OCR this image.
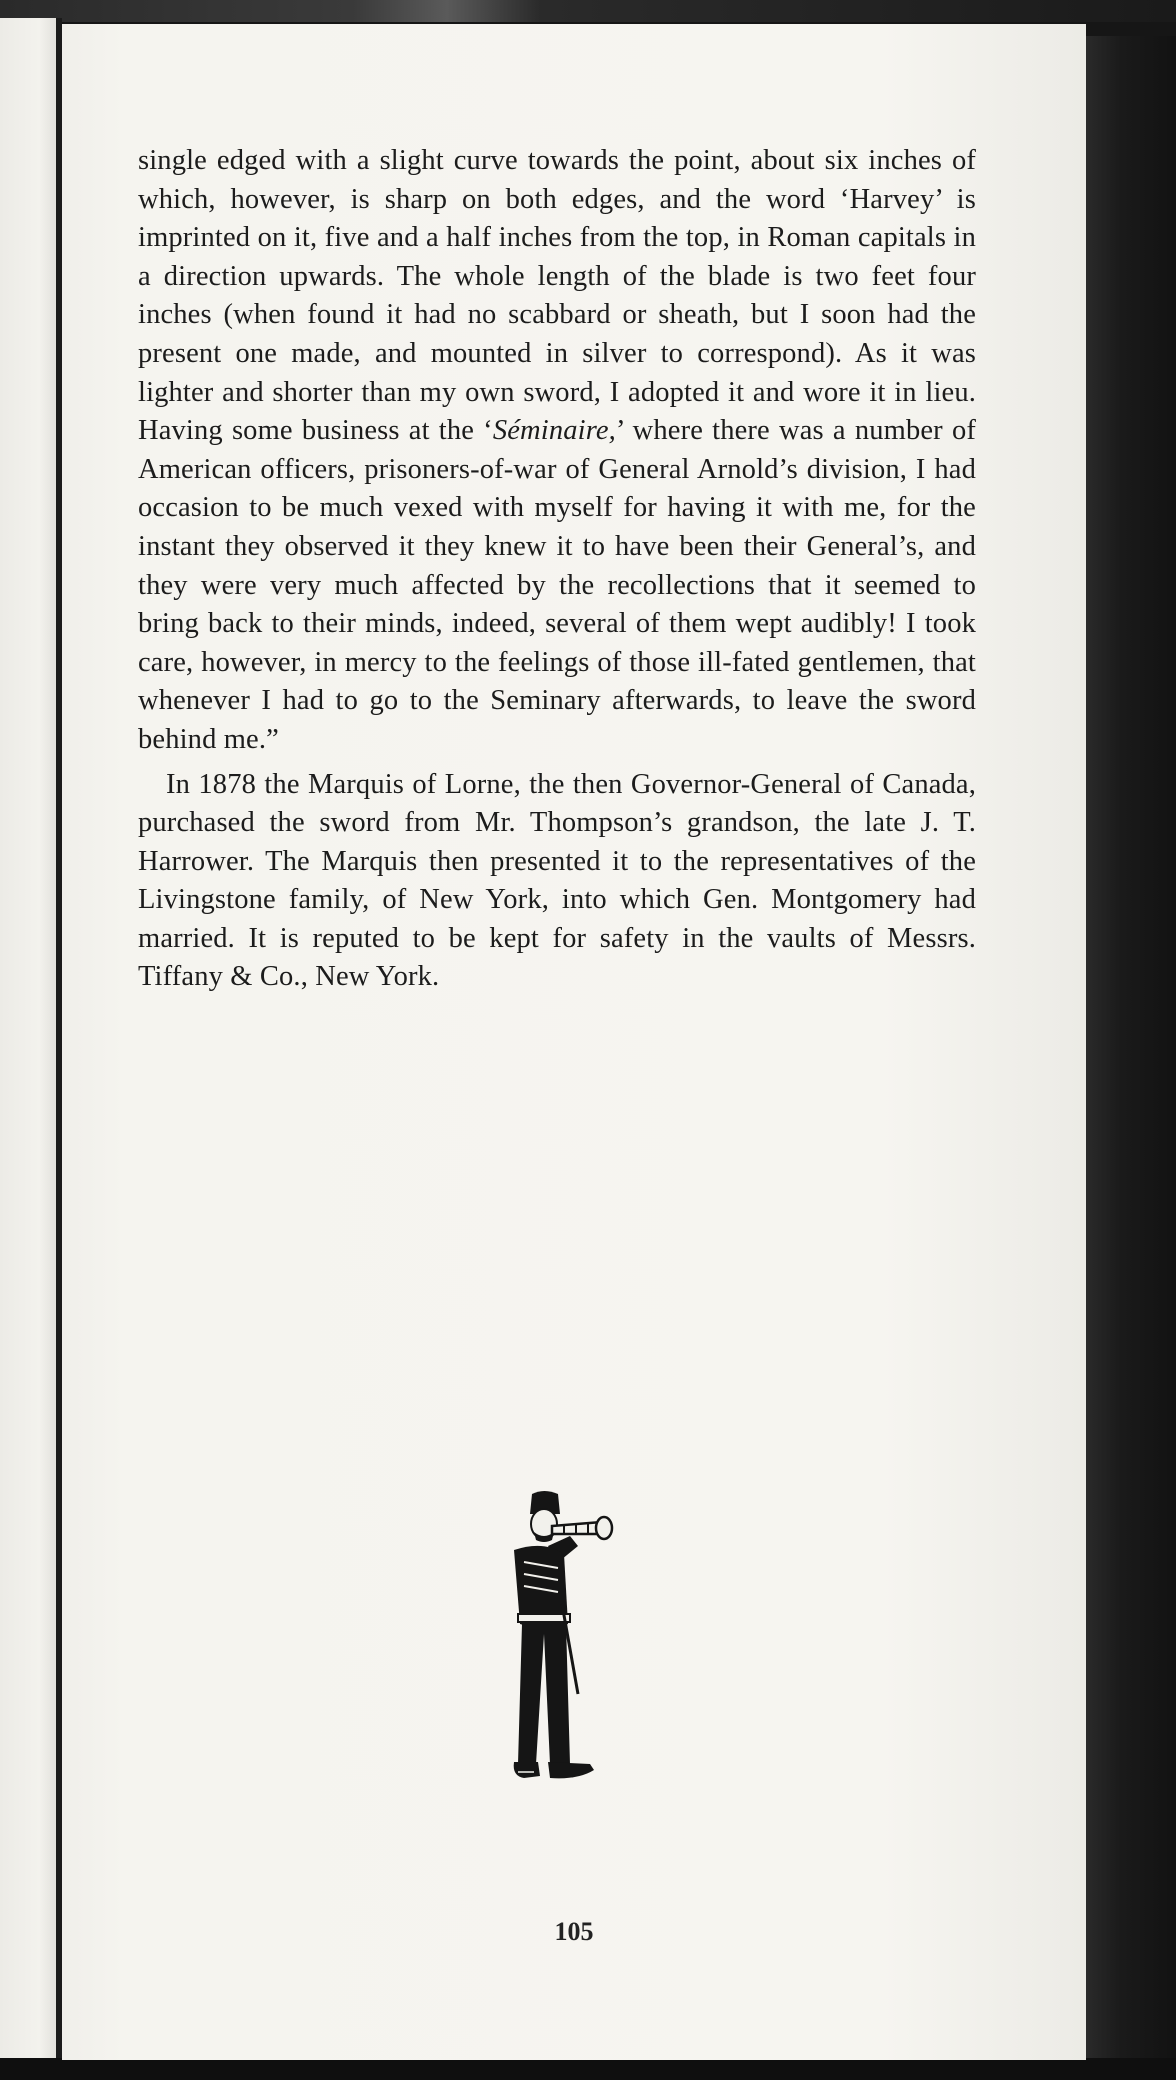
single edged with a slight curve towards the point, about six inches of which, however, is sharp on both edges, and the word ‘Harvey’ is imprinted on it, five and a half inches from the top, in Roman capitals in a direction upwards. The whole length of the blade is two feet four inches (when found it had no scabbard or sheath, but I soon had the present one made, and mounted in silver to correspond). As it was lighter and shorter than my own sword, I adopted it and wore it in lieu. Having some business at the ‘Séminaire,’ where there was a number of American officers, prisoners-of-war of General Arnold’s division, I had occasion to be much vexed with myself for having it with me, for the instant they observed it they knew it to have been their General’s, and they were very much affected by the recollections that it seemed to bring back to their minds, indeed, several of them wept audibly! I took care, however, in mercy to the feelings of those ill-fated gentlemen, that whenever I had to go to the Seminary afterwards, to leave the sword behind me.”

In 1878 the Marquis of Lorne, the then Governor-General of Canada, purchased the sword from Mr. Thompson’s grandson, the late J. T. Harrower. The Marquis then presented it to the representatives of the Livingstone family, of New York, into which Gen. Montgomery had married. It is reputed to be kept for safety in the vaults of Messrs. Tiffany & Co., New York.

105
